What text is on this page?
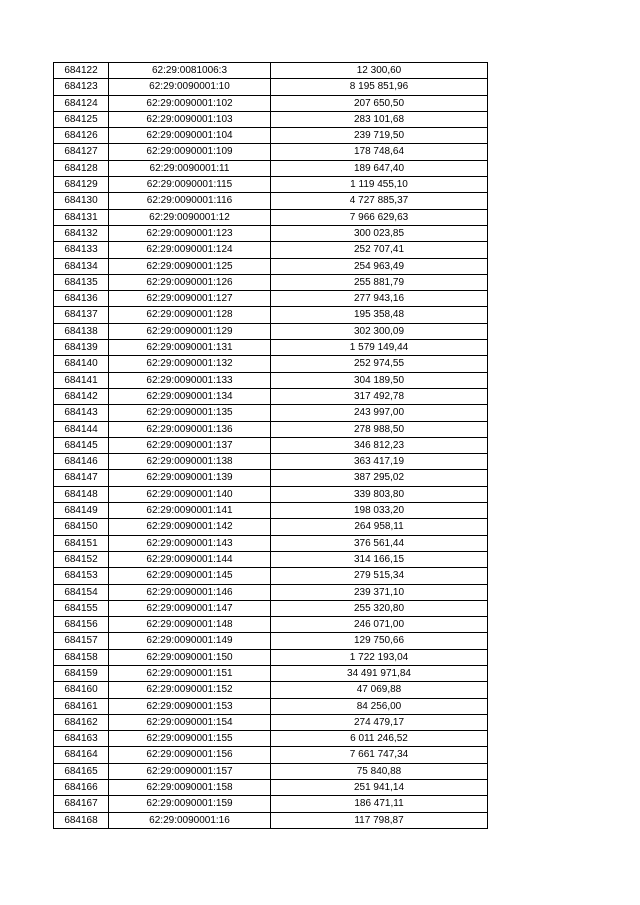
684122	62:29:0081006:3	12 300,60
684123	62:29:0090001:10	8 195 851,96
684124	62:29:0090001:102	207 650,50
684125	62:29:0090001:103	283 101,68
684126	62:29:0090001:104	239 719,50
684127	62:29:0090001:109	178 748,64
684128	62:29:0090001:11	189 647,40
684129	62:29:0090001:115	1 119 455,10
684130	62:29:0090001:116	4 727 885,37
684131	62:29:0090001:12	7 966 629,63
684132	62:29:0090001:123	300 023,85
684133	62:29:0090001:124	252 707,41
684134	62:29:0090001:125	254 963,49
684135	62:29:0090001:126	255 881,79
684136	62:29:0090001:127	277 943,16
684137	62:29:0090001:128	195 358,48
684138	62:29:0090001:129	302 300,09
684139	62:29:0090001:131	1 579 149,44
684140	62:29:0090001:132	252 974,55
684141	62:29:0090001:133	304 189,50
684142	62:29:0090001:134	317 492,78
684143	62:29:0090001:135	243 997,00
684144	62:29:0090001:136	278 988,50
684145	62:29:0090001:137	346 812,23
684146	62:29:0090001:138	363 417,19
684147	62:29:0090001:139	387 295,02
684148	62:29:0090001:140	339 803,80
684149	62:29:0090001:141	198 033,20
684150	62:29:0090001:142	264 958,11
684151	62:29:0090001:143	376 561,44
684152	62:29:0090001:144	314 166,15
684153	62:29:0090001:145	279 515,34
684154	62:29:0090001:146	239 371,10
684155	62:29:0090001:147	255 320,80
684156	62:29:0090001:148	246 071,00
684157	62:29:0090001:149	129 750,66
684158	62:29:0090001:150	1 722 193,04
684159	62:29:0090001:151	34 491 971,84
684160	62:29:0090001:152	47 069,88
684161	62:29:0090001:153	84 256,00
684162	62:29:0090001:154	274 479,17
684163	62:29:0090001:155	6 011 246,52
684164	62:29:0090001:156	7 661 747,34
684165	62:29:0090001:157	75 840,88
684166	62:29:0090001:158	251 941,14
684167	62:29:0090001:159	186 471,11
684168	62:29:0090001:16	117 798,87
